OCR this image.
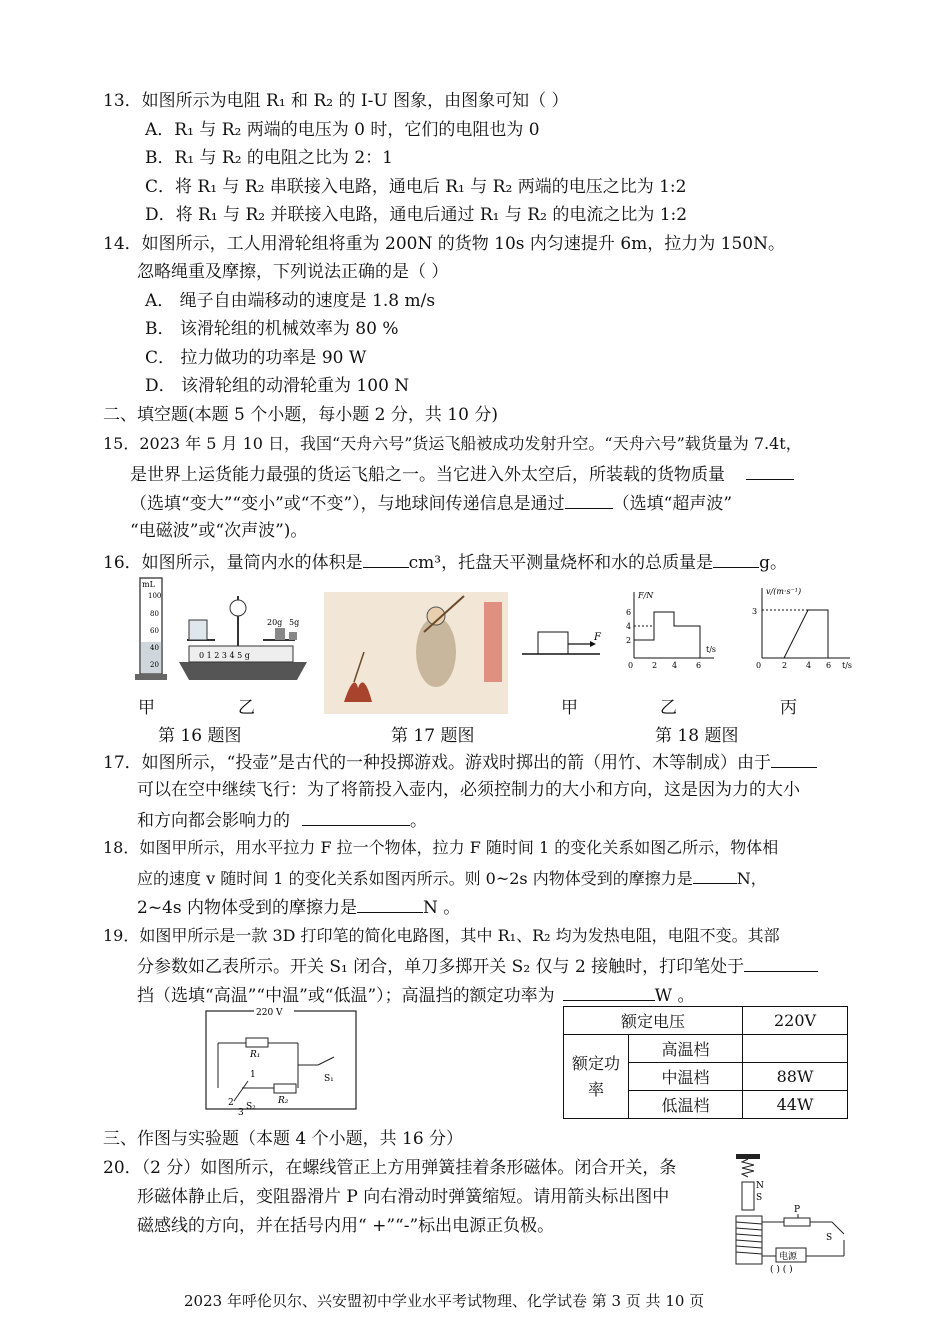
13．如图所示为电阻 R₁ 和 R₂ 的 I-U 图象，由图象可知（ ）
A．R₁ 与 R₂ 两端的电压为 0 时，它们的电阻也为 0
B．R₁ 与 R₂ 的电阻之比为 2：1
C．将 R₁ 与 R₂ 串联接入电路，通电后 R₁ 与 R₂ 两端的电压之比为 1:2
D．将 R₁ 与 R₂ 并联接入电路，通电后通过 R₁ 与 R₂ 的电流之比为 1:2
14．如图所示，工人用滑轮组将重为 200N 的货物 10s 内匀速提升 6m，拉力为 150N。
忽略绳重及摩擦，下列说法正确的是（ ）
A． 绳子自由端移动的速度是 1.8 m/s
B． 该滑轮组的机械效率为 80 %
C． 拉力做功的功率是 90 W
D． 该滑轮组的动滑轮重为 100 N
二、填空题(本题 5 个小题，每小题 2 分，共 10 分)
15．2023 年 5 月 10 日，我国“天舟六号”货运飞船被成功发射升空。“天舟六号”载货量为 7.4t，
是世界上运货能力最强的货运飞船之一。当它进入外太空后，所装载的货物质量
（选填“变大”“变小”或“不变”），与地球间传递信息是通过	（选填“超声波”
“电磁波”或“次声波”)。
16．如图所示，量筒内水的体积是	cm³，托盘天平测量烧杯和水的总质量是	g。
mL
100
80
60
40
20
0 1 2 3 4 5 g
20g 5g
甲	乙
第 16 题图	第 17 题图
F
甲
F/N
6
4
2
0 2 4 6
t/s
乙
v/(m·s⁻¹)
3
0	2 4 6 t/s
丙
第 18 题图
17．如图所示，“投壶”是古代的一种投掷游戏。游戏时掷出的箭（用竹、木等制成）由于
可以在空中继续飞行：为了将箭投入壶内，必须控制力的大小和方向，这是因为力的大小
和方向都会影响力的	。
18．如图甲所示，用水平拉力 F 拉一个物体，拉力 F 随时间 1 的变化关系如图乙所示，物体相
应的速度 v 随时间 1 的变化关系如图丙所示。则 0~2s 内物体受到的摩擦力是	N，
2~4s 内物体受到的摩擦力是	N 。
19．如图甲所示是一款 3D 打印笔的简化电路图，其中 R₁、R₂ 均为发热电阻，电阻不变。其部
分参数如乙表所示。开关 S₁ 闭合，单刀多掷开关 S₂ 仅与 2 接触时，打印笔处于
挡（选填“高温”“中温”或“低温”）；高温挡的额定功率为	W 。
220 V
R₁
S₁
R₂
1
2
3
S₂
额定电压		220V
额定功率	高温档	
	中温档	88W
	低温档	44W
三、作图与实验题（本题 4 个小题，共 16 分）
20．（2 分）如图所示，在螺线管正上方用弹簧挂着条形磁体。闭合开关，条
形磁体静止后，变阻器滑片 P 向右滑动时弹簧缩短。请用箭头标出图中
磁感线的方向，并在括号内用“ +”“-”标出电源正负极。
N
S
P
S
电源
( ) ( )
2023 年呼伦贝尔、兴安盟初中学业水平考试物理、化学试卷 第 3 页 共 10 页
